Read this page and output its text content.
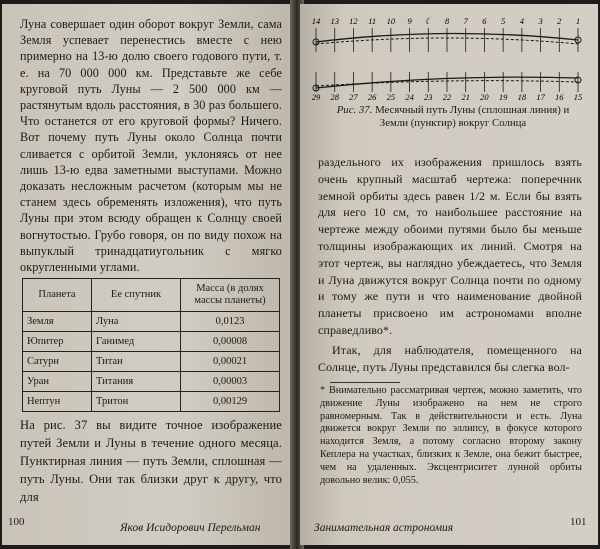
Луна совершает один оборот вокруг Земли, сама Земля успевает перенестись вместе с нею примерно на 13-ю долю своего годового пути, т. е. на 70 000 000 км. Представьте же себе круговой путь Луны — 2 500 000 км — растянутым вдоль расстояния, в 30 раз большего. Что останется от его круговой формы? Ничего. Вот почему путь Луны около Солнца почти сливается с орбитой Земли, уклоняясь от нее лишь 13-ю едва заметными выступами. Можно доказать несложным расчетом (которым мы не станем здесь обременять изложения), что путь Луны при этом всюду обращен к Солнцу своей вогнутостью. Грубо говоря, он по виду похож на выпуклый тринадцатиугольник с мягко округленными углами.

Планета	Ее спутник	Масса (в долях массы планеты)
Земля	Луна	0,0123
Юпитер	Ганимед	0,00008
Сатурн	Титан	0,00021
Уран	Титания	0,00003
Нептун	Тритон	0,00129

На рис. 37 вы видите точное изображение путей Земли и Луны в течение одного месяца. Пунктирная линия — путь Земли, сплошная — путь Луны. Они так близки друг к другу, что для

100	Яков Исидорович Перельман
14 13 12 11 10 9 ☾ 8 7 6 5 4 3 2 1
29 28 27 26 25 24 23 22 21 20 19 18 17 16 15
Рис. 37. Месячный путь Луны (сплошная линия) и Земли (пунктир) вокруг Солнца

раздельного их изображения пришлось взять очень крупный масштаб чертежа: поперечник земной орбиты здесь равен 1/2 м. Если бы взять для него 10 см, то наибольшее расстояние на чертеже между обоими путями было бы меньше толщины изображающих их линий. Смотря на этот чертеж, вы наглядно убеждаетесь, что Земля и Луна движутся вокруг Солнца почти по одному и тому же пути и что наименование двойной планеты присвоено им астрономами вполне справедливо*.

Итак, для наблюдателя, помещенного на Солнце, путь Луны представился бы слегка вол-

* Внимательно рассматривая чертеж, можно заметить, что движение Луны изображено на нем не строго равномерным. Так в действительности и есть. Луна движется вокруг Земли по эллипсу, в фокусе которого находится Земля, а потому согласно второму закону Кеплера на участках, близких к Земле, она бежит быстрее, чем на удаленных. Эксцентриситет лунной орбиты довольно велик: 0,055.

Занимательная астрономия	101
